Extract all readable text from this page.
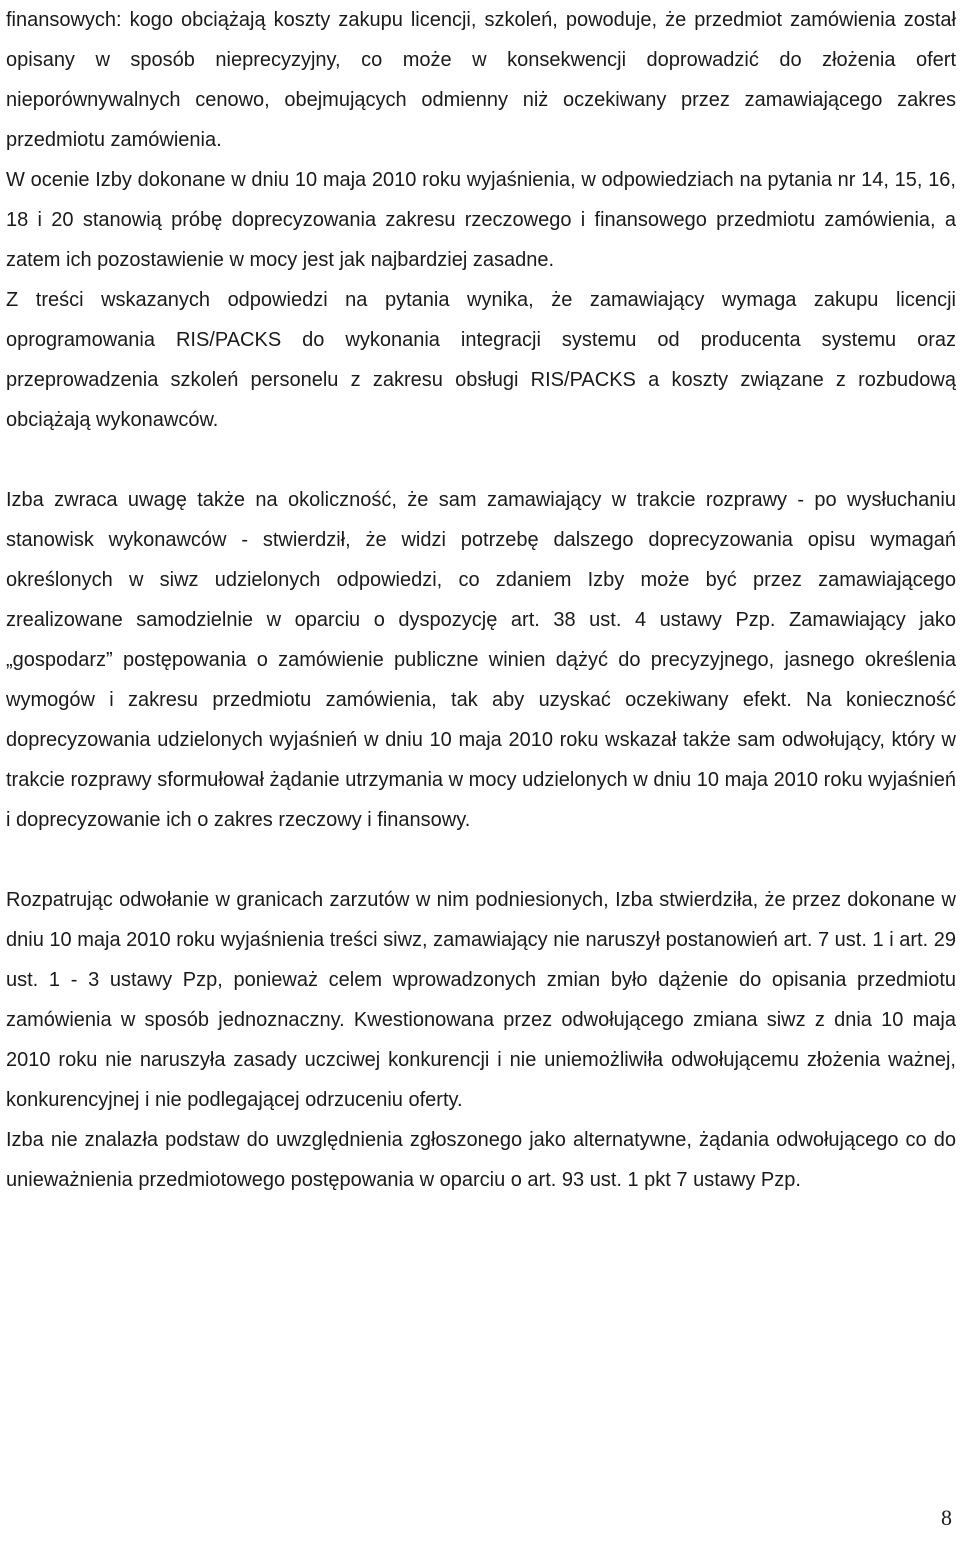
finansowych: kogo obciążają koszty zakupu licencji, szkoleń, powoduje, że przedmiot zamówienia został opisany w sposób nieprecyzyjny, co może w konsekwencji doprowadzić do złożenia ofert nieporównywalnych cenowo, obejmujących odmienny niż oczekiwany przez zamawiającego zakres przedmiotu zamówienia.

W ocenie Izby dokonane w dniu 10 maja 2010 roku wyjaśnienia, w odpowiedziach na pytania nr 14, 15, 16, 18 i 20 stanowią próbę doprecyzowania zakresu rzeczowego i finansowego przedmiotu zamówienia, a zatem ich pozostawienie w mocy jest jak najbardziej zasadne.

Z treści wskazanych odpowiedzi na pytania wynika, że zamawiający wymaga zakupu licencji oprogramowania RIS/PACKS do wykonania integracji systemu od producenta systemu oraz przeprowadzenia szkoleń personelu z zakresu obsługi RIS/PACKS a koszty związane z rozbudową obciążają wykonawców.

Izba zwraca uwagę także na okoliczność, że sam zamawiający w trakcie rozprawy - po wysłuchaniu stanowisk wykonawców - stwierdził, że widzi potrzebę dalszego doprecyzowania opisu wymagań określonych w siwz udzielonych odpowiedzi, co zdaniem Izby może być przez zamawiającego zrealizowane samodzielnie w oparciu o dyspozycję art. 38 ust. 4 ustawy Pzp. Zamawiający jako „gospodarz” postępowania o zamówienie publiczne winien dążyć do precyzyjnego, jasnego określenia wymogów i zakresu przedmiotu zamówienia, tak aby uzyskać oczekiwany efekt. Na konieczność doprecyzowania udzielonych wyjaśnień w dniu 10 maja 2010 roku wskazał także sam odwołujący, który w trakcie rozprawy sformułował żądanie utrzymania w mocy udzielonych w dniu 10 maja 2010 roku wyjaśnień i doprecyzowanie ich o zakres rzeczowy i finansowy.

Rozpatrując odwołanie w granicach zarzutów w nim podniesionych, Izba stwierdziła, że przez dokonane w dniu 10 maja 2010 roku wyjaśnienia treści siwz, zamawiający nie naruszył postanowień art. 7 ust. 1 i art. 29 ust. 1 - 3 ustawy Pzp, ponieważ celem wprowadzonych zmian było dążenie do opisania przedmiotu zamówienia w sposób jednoznaczny. Kwestionowana przez odwołującego zmiana siwz z dnia 10 maja 2010 roku nie naruszyła zasady uczciwej konkurencji i nie uniemożliwiła odwołującemu złożenia ważnej, konkurencyjnej i nie podlegającej odrzuceniu oferty.

Izba nie znalazła podstaw do uwzględnienia zgłoszonego jako alternatywne, żądania odwołującego co do unieważnienia przedmiotowego postępowania w oparciu o art. 93 ust. 1 pkt 7 ustawy Pzp.

8
